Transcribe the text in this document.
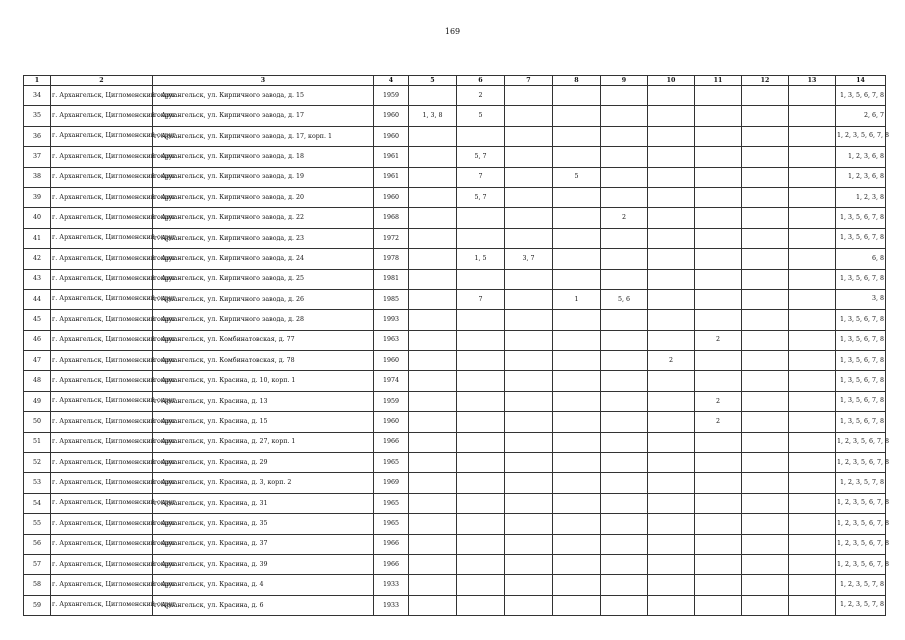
169
1	2	3	4	5	6	7	8	9	10	11	12	13	14
34	г. Архангельск, Цигломенский округ	г. Архангельск, ул. Кирпичного завода, д. 15	1959		2								1, 3, 5, 6, 7, 8
35	г. Архангельск, Цигломенский округ	г. Архангельск, ул. Кирпичного завода, д. 17	1960	1, 3, 8	5								2, 6, 7
36	г. Архангельск, Цигломенский округ	г. Архангельск, ул. Кирпичного завода, д. 17, корп. 1	1960										1, 2, 3, 5, 6, 7, 8
37	г. Архангельск, Цигломенский округ	г. Архангельск, ул. Кирпичного завода, д. 18	1961		5, 7								1, 2, 3, 6, 8
38	г. Архангельск, Цигломенский округ	г. Архангельск, ул. Кирпичного завода, д. 19	1961		7		5						1, 2, 3, 6, 8
39	г. Архангельск, Цигломенский округ	г. Архангельск, ул. Кирпичного завода, д. 20	1960		5, 7								1, 2, 3, 8
40	г. Архангельск, Цигломенский округ	г. Архангельск, ул. Кирпичного завода, д. 22	1968					2					1, 3, 5, 6, 7, 8
41	г. Архангельск, Цигломенский округ	г. Архангельск, ул. Кирпичного завода, д. 23	1972										1, 3, 5, 6, 7, 8
42	г. Архангельск, Цигломенский округ	г. Архангельск, ул. Кирпичного завода, д. 24	1978		1, 5	3, 7							6, 8
43	г. Архангельск, Цигломенский округ	г. Архангельск, ул. Кирпичного завода, д. 25	1981										1, 3, 5, 6, 7, 8
44	г. Архангельск, Цигломенский округ	г. Архангельск, ул. Кирпичного завода, д. 26	1985		7		1	5, 6					3, 8
45	г. Архангельск, Цигломенский округ	г. Архангельск, ул. Кирпичного завода, д. 28	1993										1, 3, 5, 6, 7, 8
46	г. Архангельск, Цигломенский округ	г. Архангельск, ул. Комбинатовская, д. 77	1963							2			1, 3, 5, 6, 7, 8
47	г. Архангельск, Цигломенский округ	г. Архангельск, ул. Комбинатовская, д. 78	1960						2				1, 3, 5, 6, 7, 8
48	г. Архангельск, Цигломенский округ	г. Архангельск, ул. Красина, д. 10, корп. 1	1974										1, 3, 5, 6, 7, 8
49	г. Архангельск, Цигломенский округ	г. Архангельск, ул. Красина, д. 13	1959							2			1, 3, 5, 6, 7, 8
50	г. Архангельск, Цигломенский округ	г. Архангельск, ул. Красина, д. 15	1960							2			1, 3, 5, 6, 7, 8
51	г. Архангельск, Цигломенский округ	г. Архангельск, ул. Красина, д. 27, корп. 1	1966										1, 2, 3, 5, 6, 7, 8
52	г. Архангельск, Цигломенский округ	г. Архангельск, ул. Красина, д. 29	1965										1, 2, 3, 5, 6, 7, 8
53	г. Архангельск, Цигломенский округ	г. Архангельск, ул. Красина, д. 3, корп. 2	1969										1, 2, 3, 5, 7, 8
54	г. Архангельск, Цигломенский округ	г. Архангельск, ул. Красина, д. 31	1965										1, 2, 3, 5, 6, 7, 8
55	г. Архангельск, Цигломенский округ	г. Архангельск, ул. Красина, д. 35	1965										1, 2, 3, 5, 6, 7, 8
56	г. Архангельск, Цигломенский округ	г. Архангельск, ул. Красина, д. 37	1966										1, 2, 3, 5, 6, 7, 8
57	г. Архангельск, Цигломенский округ	г. Архангельск, ул. Красина, д. 39	1966										1, 2, 3, 5, 6, 7, 8
58	г. Архангельск, Цигломенский округ	г. Архангельск, ул. Красина, д. 4	1933										1, 2, 3, 5, 7, 8
59	г. Архангельск, Цигломенский округ	г. Архангельск, ул. Красина, д. 6	1933										1, 2, 3, 5, 7, 8
